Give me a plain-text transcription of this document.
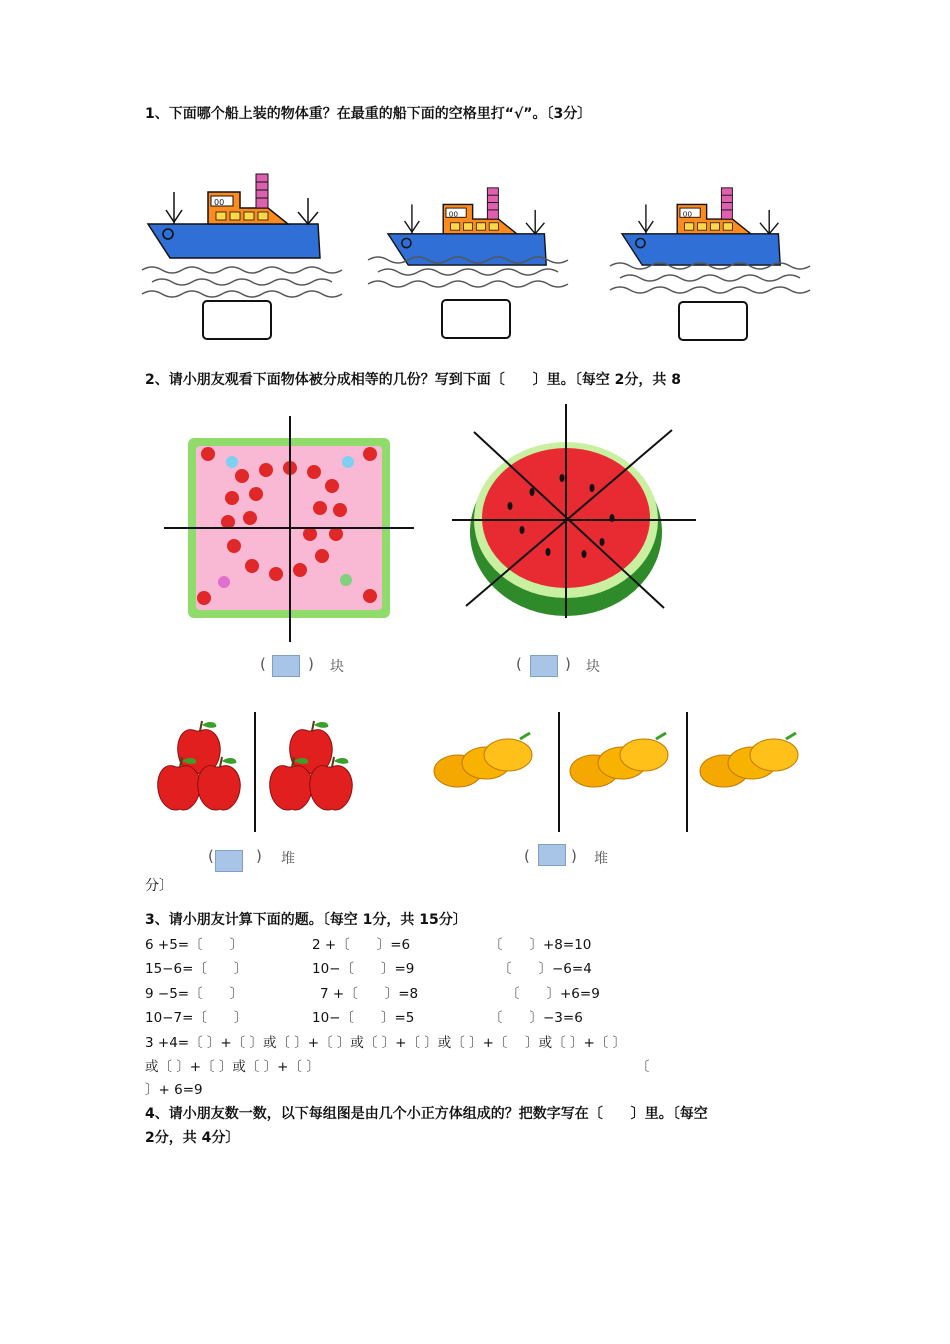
1、下面哪个船上装的物体重？在最重的船下面的空格里打“√”。〔3分〕
00
2、请小朋友观看下面物体被分成相等的几份？写到下面〔　　〕里。〔每空 2分，共 8
(	) 块	(	) 块
(	) 堆	(	) 堆
分〕
3、请小朋友计算下面的题。〔每空 1分，共 15分〕
6 +5=〔　　〕	2 +〔　　〕=6	〔　　〕+8=10
15−6=〔　　〕	10−〔　　〕=9	〔　　〕−6=4
9 −5=〔　　〕	7 +〔　　〕=8	〔　　〕+6=9
10−7=〔　　〕	10−〔　　〕=5	〔　　〕−3=6
3 +4=〔 〕+〔 〕或〔 〕+〔 〕或〔 〕+〔 〕或〔 〕+〔 　〕或〔 〕+〔 〕
或〔 〕+〔 〕或〔 〕+〔 〕	〔
〕+ 6=9
4、请小朋友数一数，以下每组图是由几个小正方体组成的？把数字写在〔　　〕里。〔每空
2分，共 4分〕
